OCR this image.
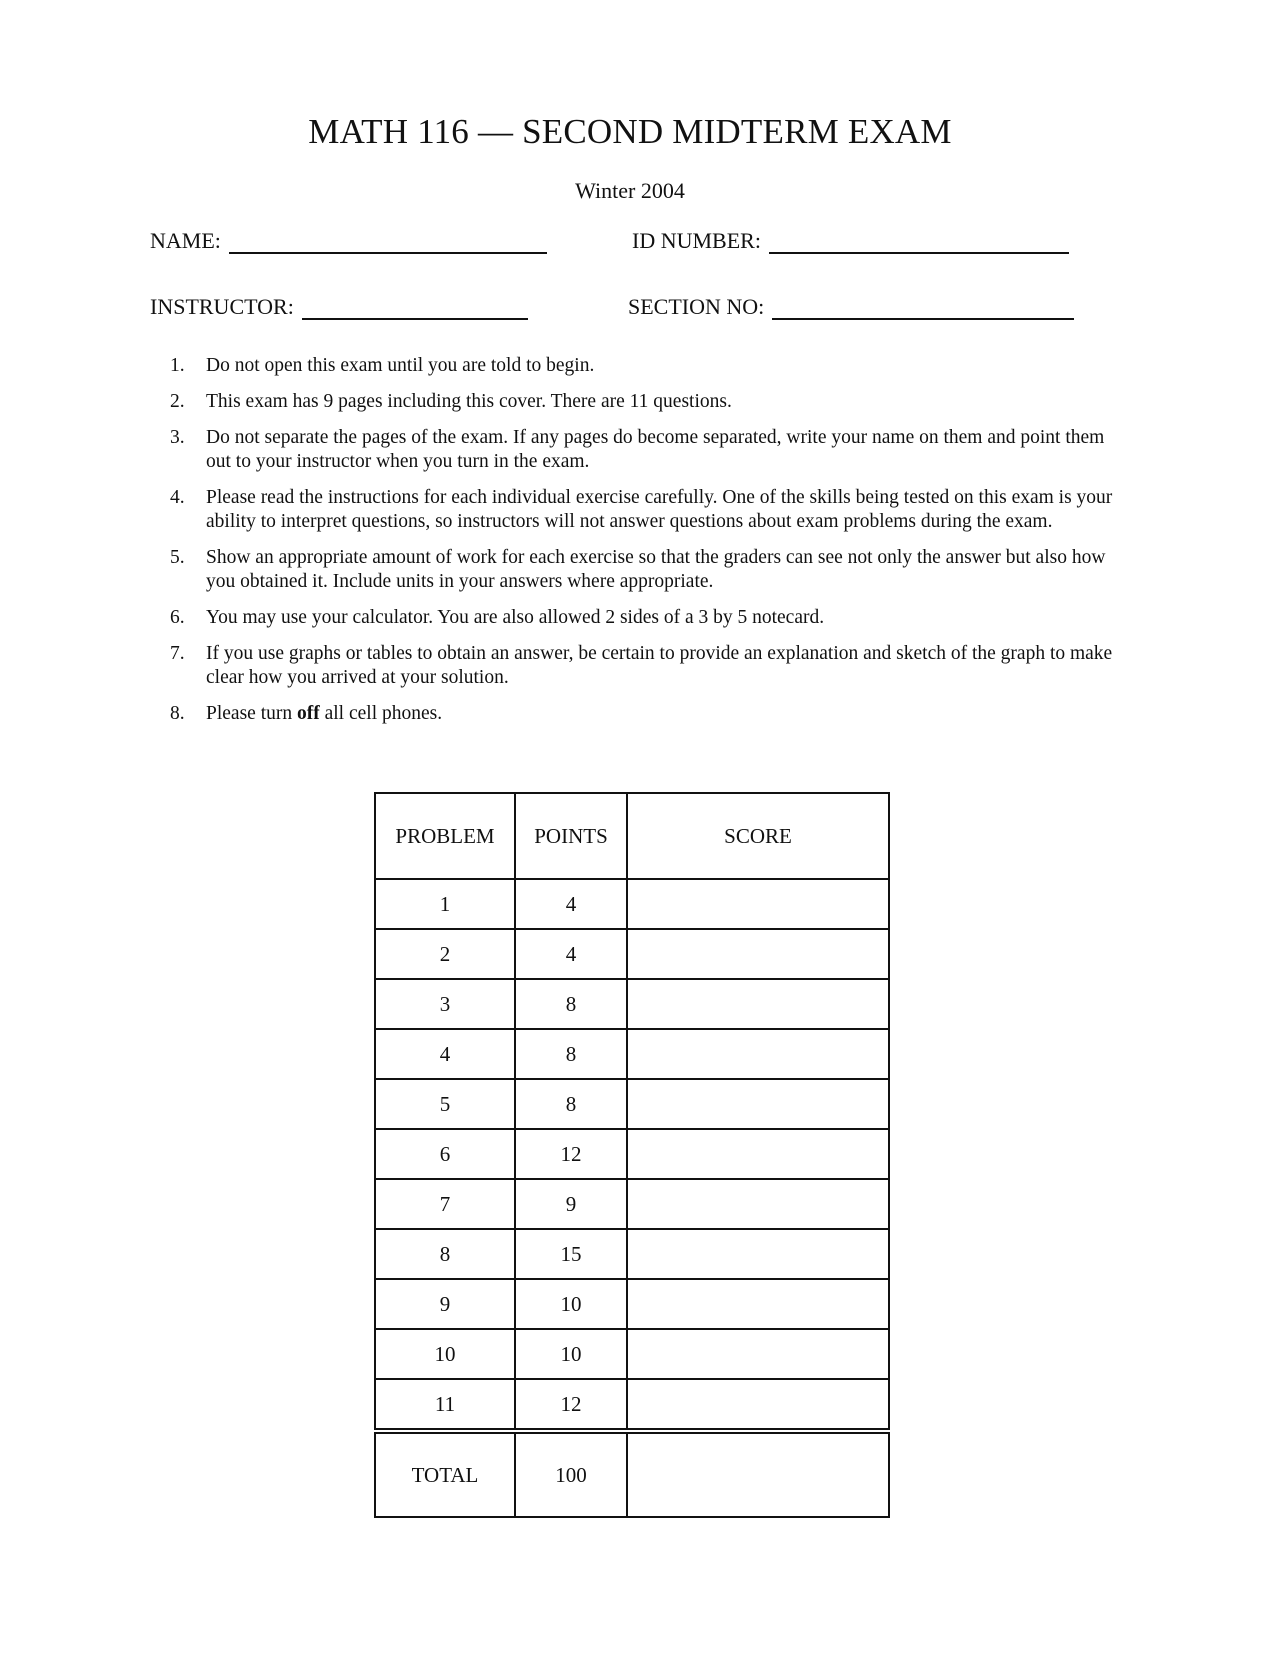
MATH 116 — SECOND MIDTERM EXAM
Winter 2004
NAME:	ID NUMBER:
INSTRUCTOR:	SECTION NO:
1.	Do not open this exam until you are told to begin.
2.	This exam has 9 pages including this cover. There are 11 questions.
3.	Do not separate the pages of the exam. If any pages do become separated, write your name on them and point them out to your instructor when you turn in the exam.
4.	Please read the instructions for each individual exercise carefully. One of the skills being tested on this exam is your ability to interpret questions, so instructors will not answer questions about exam problems during the exam.
5.	Show an appropriate amount of work for each exercise so that the graders can see not only the answer but also how you obtained it. Include units in your answers where appropriate.
6.	You may use your calculator. You are also allowed 2 sides of a 3 by 5 notecard.
7.	If you use graphs or tables to obtain an answer, be certain to provide an explanation and sketch of the graph to make clear how you arrived at your solution.
8.	Please turn off all cell phones.
PROBLEM	POINTS	SCORE
1	4	
2	4	
3	8	
4	8	
5	8	
6	12	
7	9	
8	15	
9	10	
10	10	
11	12	
TOTAL	100	
